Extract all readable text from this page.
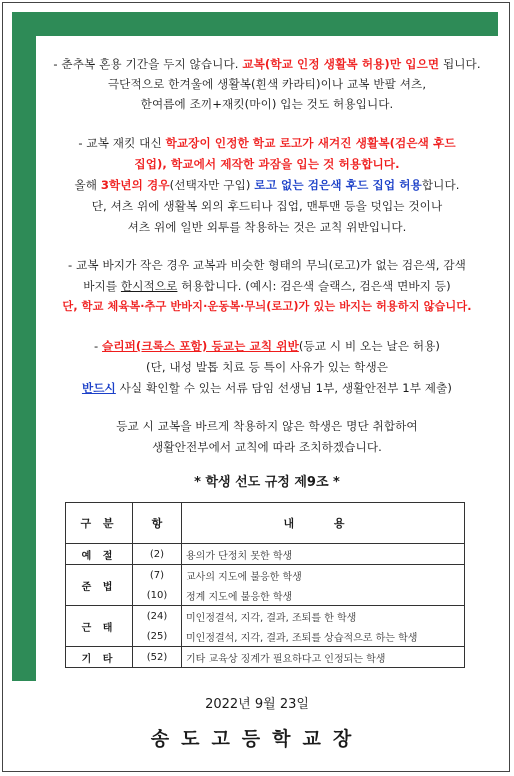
- 춘추복 혼용 기간을 두지 않습니다. 교복(학교 인정 생활복 허용)만 입으면 됩니다.
극단적으로 한겨울에 생활복(흰색 카라티)이나 교복 반팔 셔츠,
한여름에 조끼+재킷(마이) 입는 것도 허용입니다.
- 교복 재킷 대신 학교장이 인정한 학교 로고가 새겨진 생활복(검은색 후드
집업), 학교에서 제작한 과잠을 입는 것 허용합니다.
올해 3학년의 경우(선택자만 구입) 로고 없는 검은색 후드 집업 허용합니다.
단, 셔츠 위에 생활복 외의 후드티나 집업, 맨투맨 등을 덧입는 것이나
셔츠 위에 일반 외투를 착용하는 것은 교칙 위반입니다.
- 교복 바지가 작은 경우 교복과 비슷한 형태의 무늬(로고)가 없는 검은색, 감색
바지를 한시적으로 허용합니다. (예시: 검은색 슬랙스, 검은색 면바지 등)
단, 학교 체육복·추구 반바지·운동복·무늬(로고)가 있는 바지는 허용하지 않습니다.
- 슬리퍼(크록스 포함) 등교는 교칙 위반(등교 시 비 오는 날은 허용)
(단, 내성 발톱 치료 등 특이 사유가 있는 학생은
반드시 사실 확인할 수 있는 서류 담임 선생님 1부, 생활안전부 1부 제출)
등교 시 교복을 바르게 착용하지 않은 학생은 명단 취합하여
생활안전부에서 교칙에 따라 조치하겠습니다.
* 학생 선도 규정 제9조 *
구 분	항	내 용
예 절	(2)	용의가 단정치 못한 학생
준 법	(7)	교사의 지도에 불응한 학생
	(10)	정계 지도에 불응한 학생
근 태	(24)	미인정결석, 지각, 결과, 조퇴를 한 학생
	(25)	미인정결석, 지각, 결과, 조퇴를 상습적으로 하는 학생
기 타	(52)	기타 교육상 징계가 필요하다고 인정되는 학생
2022년 9월 23일
송도고등학교장
